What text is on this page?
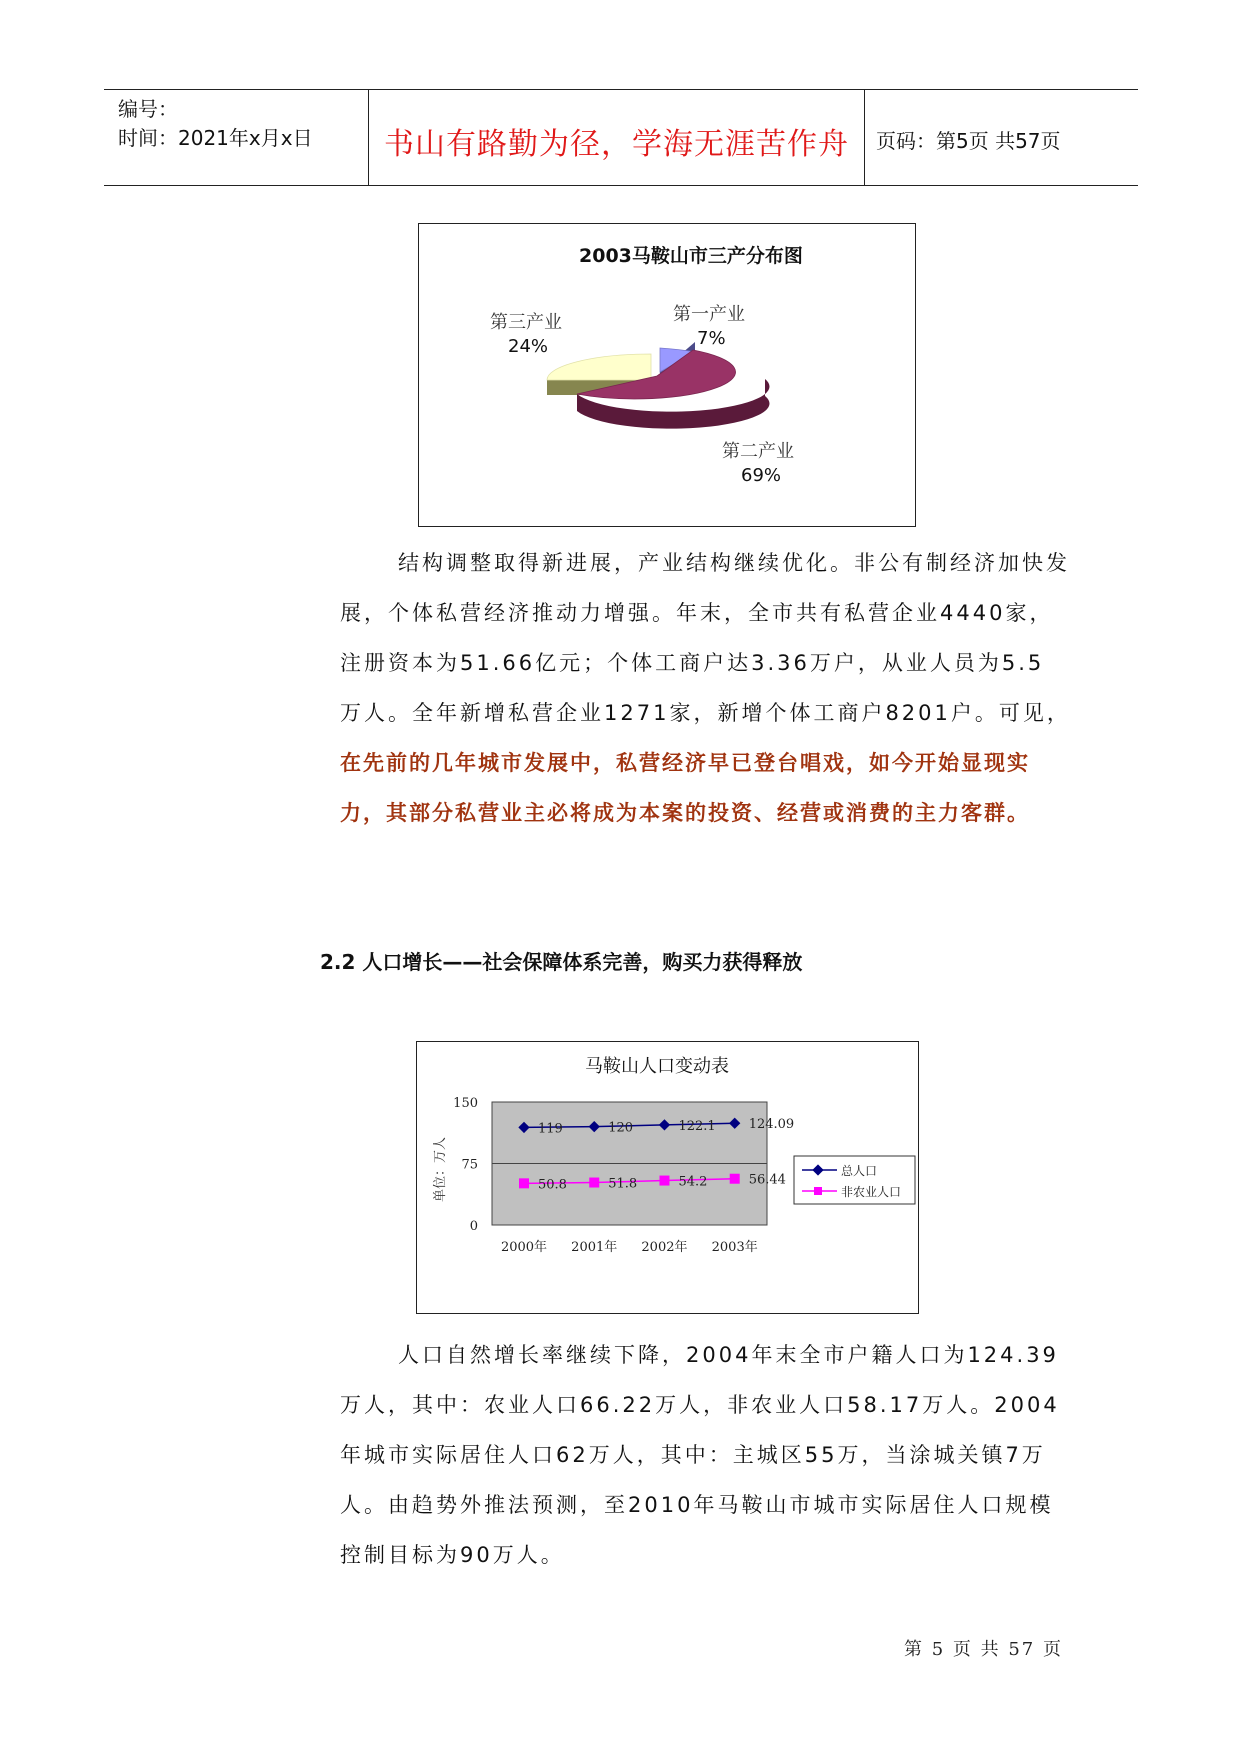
编号：
时间：2021年x月x日	书山有路勤为径，学海无涯苦作舟	页码：第5页 共57页
2003马鞍山市三产分布图
第三产业
24%
第一产业
7%
第二产业
69%
结构调整取得新进展，产业结构继续优化。非公有制经济加快发
展，个体私营经济推动力增强。年末，全市共有私营企业4440家，
注册资本为51.66亿元；个体工商户达3.36万户，从业人员为5.5
万人。全年新增私营企业1271家，新增个体工商户8201户。可见，
在先前的几年城市发展中，私营经济早已登台唱戏，如今开始显现实
力，其部分私营业主必将成为本案的投资、经营或消费的主力客群。
2.2 人口增长——社会保障体系完善，购买力获得释放
马鞍山人口变动表
单位：万人
0
75
150
2000年 2001年 2002年 2003年
119	120	122.1	124.09
50.8	51.8	54.2	56.44
总人口
非农业人口
人口自然增长率继续下降，2004年末全市户籍人口为124.39
万人，其中：农业人口66.22万人，非农业人口58.17万人。2004
年城市实际居住人口62万人，其中：主城区55万，当涂城关镇7万
人。由趋势外推法预测，至2010年马鞍山市城市实际居住人口规模
控制目标为90万人。
第 5 页 共 57 页
